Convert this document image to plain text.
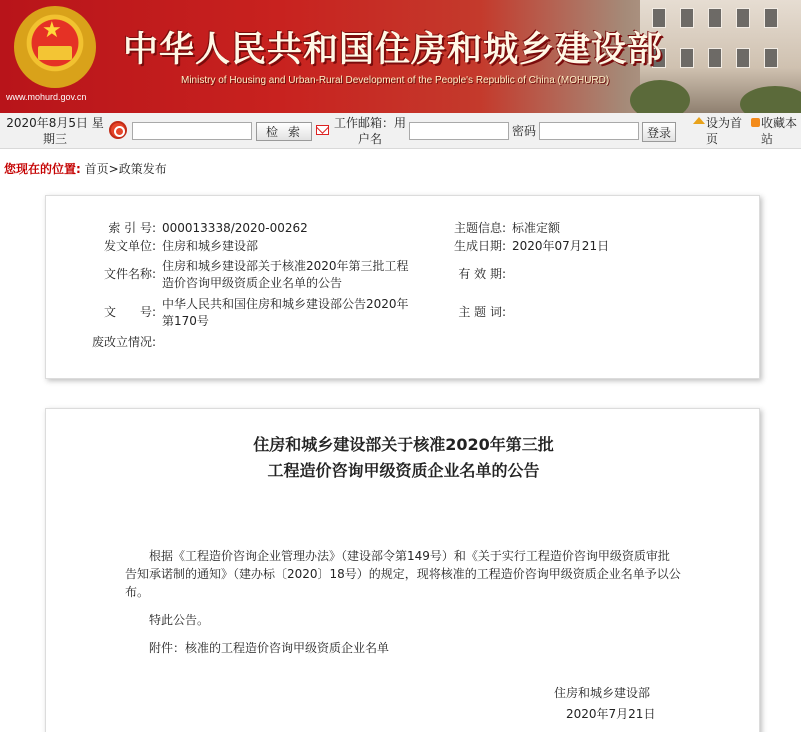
★
www.mohurd.gov.cn
中华人民共和国住房和城乡建设部
Ministry of Housing and Urban-Rural Development of the People's Republic of China (MOHURD)
2020年8月5日 星
期三	检索
工作邮箱：用
户名
密码	登录
设为首
页
收藏本
站
您现在的位置: 首页>政策发布
索 引 号: 000013338/2020-00262	主题信息: 标准定额
发文单位: 住房和城乡建设部	生成日期: 2020年07月21日
文件名称:
住房和城乡建设部关于核准2020年第三批工程
造价咨询甲级资质企业名单的公告
有 效 期:
文　　号:
中华人民共和国住房和城乡建设部公告2020年
第170号
主 题 词:
废改立情况:
住房和城乡建设部关于核准2020年第三批
工程造价咨询甲级资质企业名单的公告
根据《工程造价咨询企业管理办法》（建设部令第149号）和《关于实行工程造价咨询甲级资质审批
告知承诺制的通知》（建办标〔2020〕18号）的规定，现将核准的工程造价咨询甲级资质企业名单予以公
布。
特此公告。
附件：核准的工程造价咨询甲级资质企业名单
住房和城乡建设部
2020年7月21日
